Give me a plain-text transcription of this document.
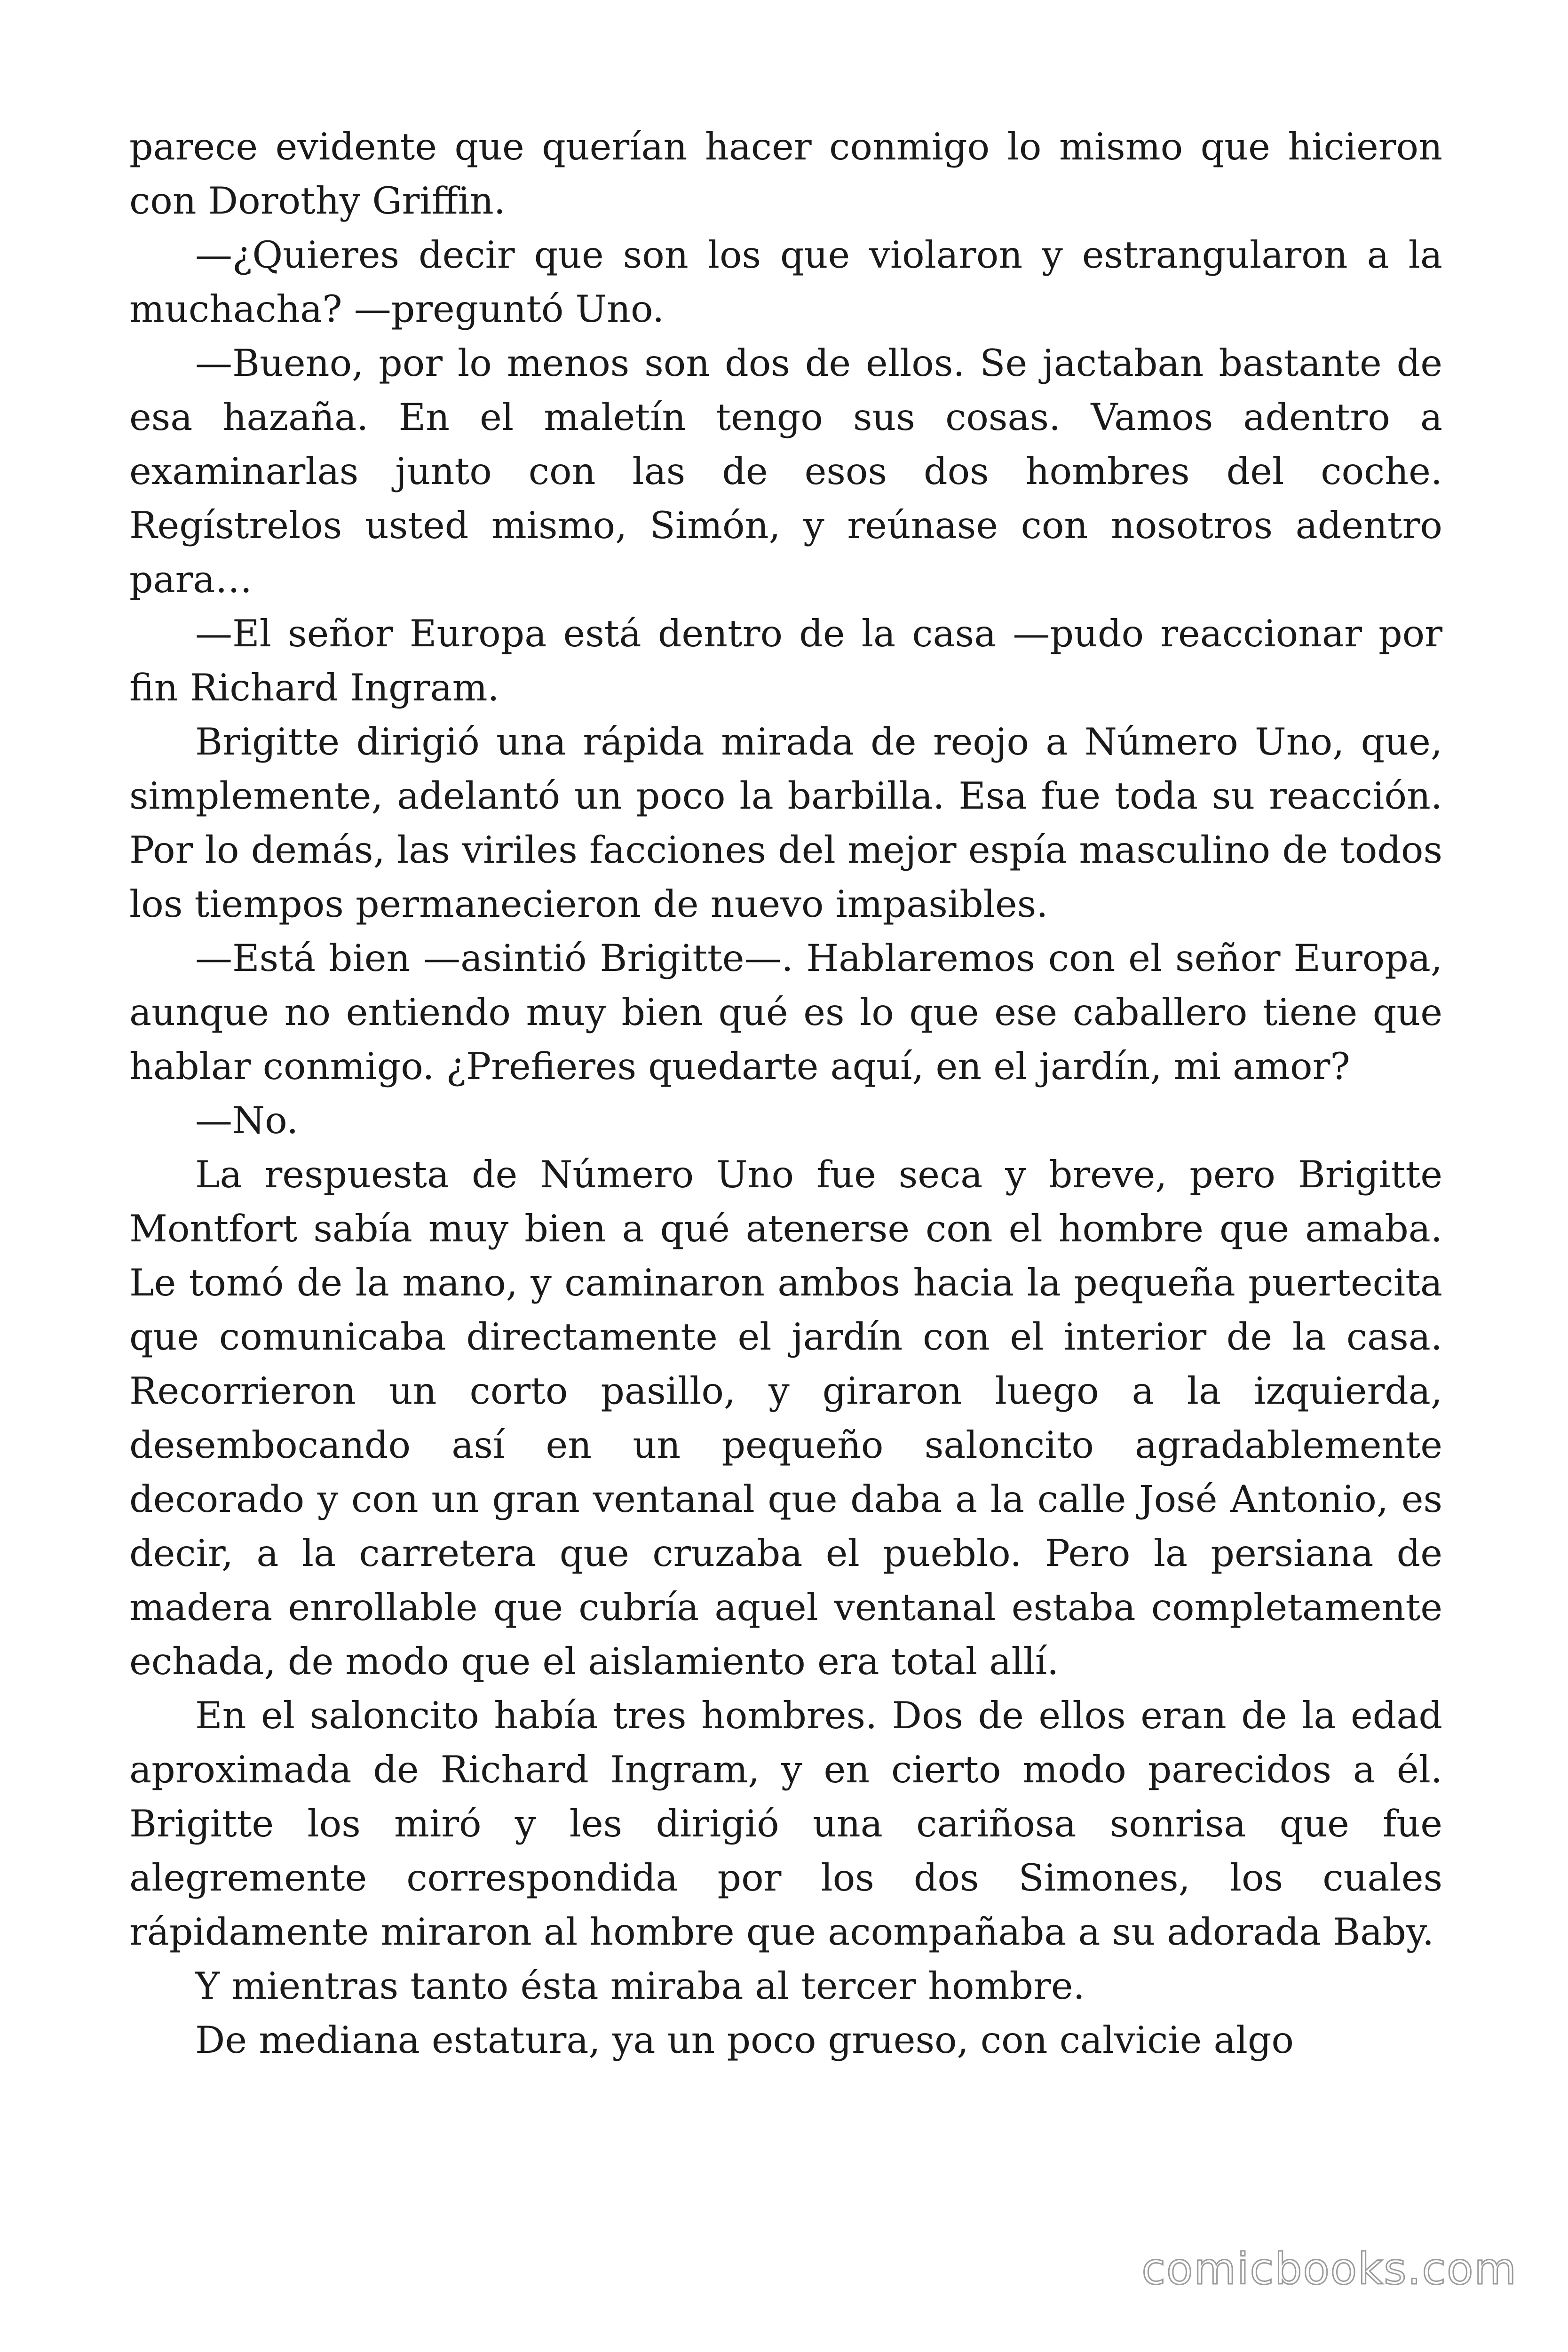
parece evidente que querían hacer conmigo lo mismo que hicieron con Dorothy Griffin.

—¿Quieres decir que son los que violaron y estrangularon a la muchacha? —preguntó Uno.

—Bueno, por lo menos son dos de ellos. Se jactaban bastante de esa hazaña. En el maletín tengo sus cosas. Vamos adentro a examinarlas junto con las de esos dos hombres del coche. Regístrelos usted mismo, Simón, y reúnase con nosotros adentro para…

—El señor Europa está dentro de la casa —pudo reaccionar por fin Richard Ingram.

Brigitte dirigió una rápida mirada de reojo a Número Uno, que, simplemente, adelantó un poco la barbilla. Esa fue toda su reacción. Por lo demás, las viriles facciones del mejor espía masculino de todos los tiempos permanecieron de nuevo impasibles.

—Está bien —asintió Brigitte—. Hablaremos con el señor Europa, aunque no entiendo muy bien qué es lo que ese caballero tiene que hablar conmigo. ¿Prefieres quedarte aquí, en el jardín, mi amor?

—No.

La respuesta de Número Uno fue seca y breve, pero Brigitte Montfort sabía muy bien a qué atenerse con el hombre que amaba. Le tomó de la mano, y caminaron ambos hacia la pequeña puertecita que comunicaba directamente el jardín con el interior de la casa. Recorrieron un corto pasillo, y giraron luego a la izquierda, desembocando así en un pequeño saloncito agradablemente decorado y con un gran ventanal que daba a la calle José Antonio, es decir, a la carretera que cruzaba el pueblo. Pero la persiana de madera enrollable que cubría aquel ventanal estaba completamente echada, de modo que el aislamiento era total allí.

En el saloncito había tres hombres. Dos de ellos eran de la edad aproximada de Richard Ingram, y en cierto modo parecidos a él. Brigitte los miró y les dirigió una cariñosa sonrisa que fue alegremente correspondida por los dos Simones, los cuales rápidamente miraron al hombre que acompañaba a su adorada Baby.

Y mientras tanto ésta miraba al tercer hombre.

De mediana estatura, ya un poco grueso, con calvicie algo

comicbooks.com
